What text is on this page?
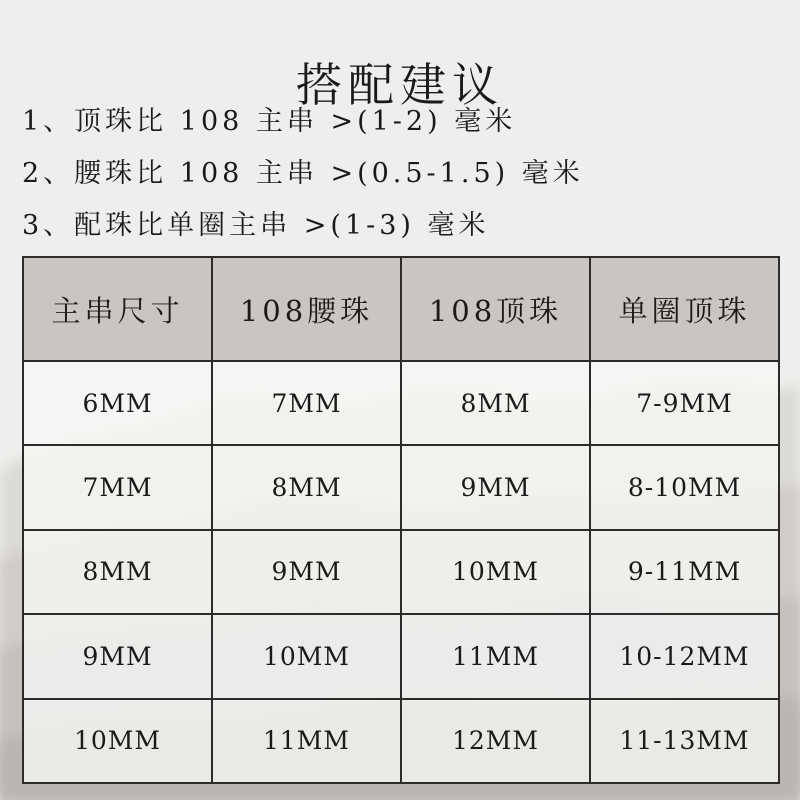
搭配建议
1、顶珠比 108 主串 >(1-2) 毫米
2、腰珠比 108 主串 >(0.5-1.5) 毫米
3、配珠比单圈主串 >(1-3) 毫米
主串尺寸	108腰珠	108顶珠	单圈顶珠
6MM	7MM	8MM	7-9MM
7MM	8MM	9MM	8-10MM
8MM	9MM	10MM	9-11MM
9MM	10MM	11MM	10-12MM
10MM	11MM	12MM	11-13MM
